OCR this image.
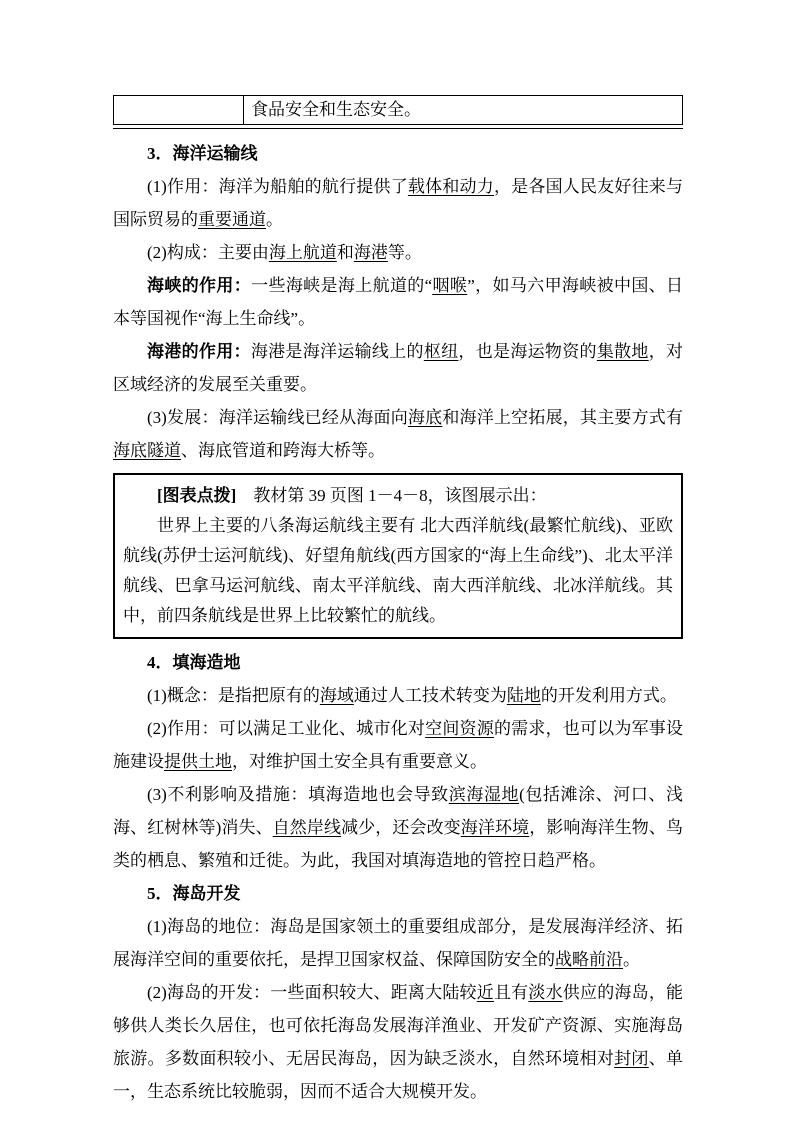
	食品安全和生态安全。

3．海洋运输线

(1)作用：海洋为船舶的航行提供了载体和动力，是各国人民友好往来与国际贸易的重要通道。

(2)构成：主要由海上航道和海港等。

海峡的作用：一些海峡是海上航道的“咽喉”，如马六甲海峡被中国、日本等国视作“海上生命线”。

海港的作用：海港是海洋运输线上的枢纽，也是海运物资的集散地，对区域经济的发展至关重要。

(3)发展：海洋运输线已经从海面向海底和海洋上空拓展，其主要方式有海底隧道、海底管道和跨海大桥等。

[图表点拨]　教材第 39 页图 1－4－8，该图展示出：

世界上主要的八条海运航线主要有 北大西洋航线(最繁忙航线)、亚欧航线(苏伊士运河航线)、好望角航线(西方国家的“海上生命线”)、北太平洋航线、巴拿马运河航线、南太平洋航线、南大西洋航线、北冰洋航线。其中，前四条航线是世界上比较繁忙的航线。

4．填海造地

(1)概念：是指把原有的海域通过人工技术转变为陆地的开发利用方式。

(2)作用：可以满足工业化、城市化对空间资源的需求，也可以为军事设施建设提供土地，对维护国土安全具有重要意义。

(3)不利影响及措施：填海造地也会导致滨海湿地(包括滩涂、河口、浅海、红树林等)消失、自然岸线减少，还会改变海洋环境，影响海洋生物、鸟类的栖息、繁殖和迁徙。为此，我国对填海造地的管控日趋严格。

5．海岛开发

(1)海岛的地位：海岛是国家领土的重要组成部分，是发展海洋经济、拓展海洋空间的重要依托，是捍卫国家权益、保障国防安全的战略前沿。

(2)海岛的开发：一些面积较大、距离大陆较近且有淡水供应的海岛，能够供人类长久居住，也可依托海岛发展海洋渔业、开发矿产资源、实施海岛旅游。多数面积较小、无居民海岛，因为缺乏淡水，自然环境相对封闭、单一，生态系统比较脆弱，因而不适合大规模开发。
